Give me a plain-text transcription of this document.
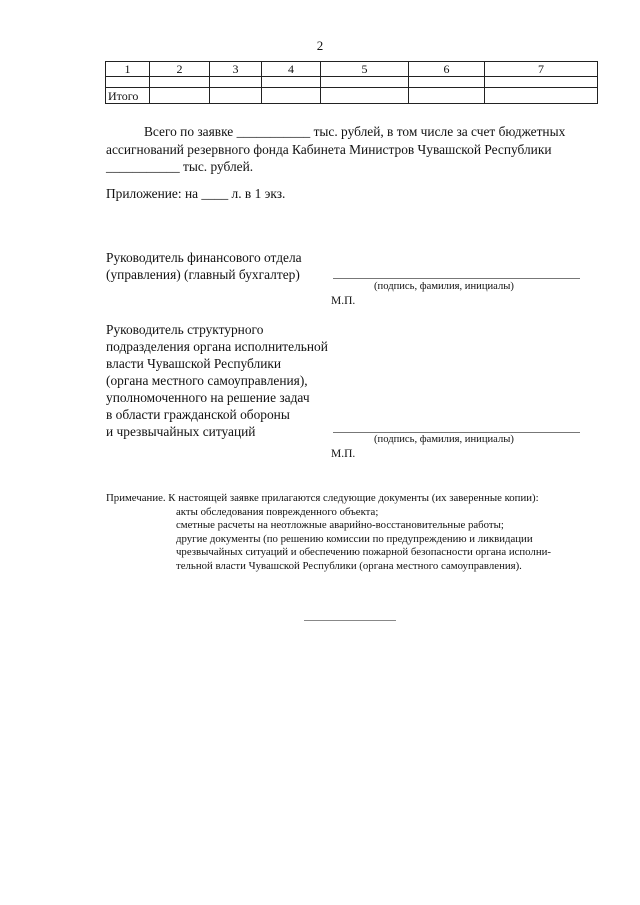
2
1	2	3	4	5	6	7

Итого						
Всего по заявке ___________ тыс. рублей, в том числе за счет бюджетных
ассигнований резервного фонда Кабинета Министров Чувашской Республики
___________ тыс. рублей.
Приложение: на ____ л. в 1 экз.
Руководитель финансового отдела
(управления) (главный бухгалтер)
(подпись, фамилия, инициалы)
М.П.
Руководитель структурного
подразделения органа исполнительной
власти Чувашской Республики
(органа местного самоуправления),
уполномоченного на решение задач
в области гражданской обороны
и чрезвычайных ситуаций
(подпись, фамилия, инициалы)
М.П.
Примечание. К настоящей заявке прилагаются следующие документы (их заверенные копии):
акты обследования поврежденного объекта;
сметные расчеты на неотложные аварийно-восстановительные работы;
другие документы (по решению комиссии по предупреждению и ликвидации
чрезвычайных ситуаций и обеспечению пожарной безопасности органа исполни-
тельной власти Чувашской Республики (органа местного самоуправления).
